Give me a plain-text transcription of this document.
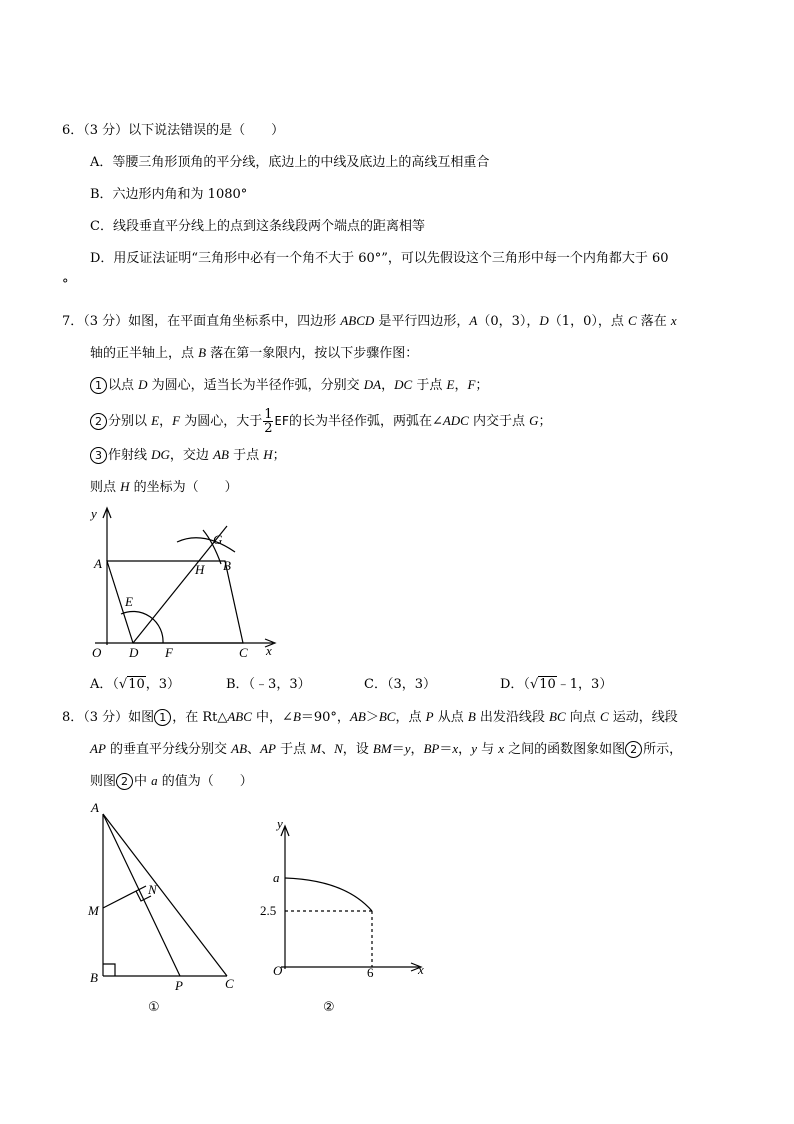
6．（3 分）以下说法错误的是（　　）
A．等腰三角形顶角的平分线，底边上的中线及底边上的高线互相重合
B．六边形内角和为 1080°
C．线段垂直平分线上的点到这条线段两个端点的距离相等
D．用反证法证明“三角形中必有一个角不大于 60°”，可以先假设这个三角形中每一个内角都大于 60
°
7．（3 分）如图，在平面直角坐标系中，四边形 ABCD 是平行四边形，A（0，3），D（1，0），点 C 落在 x
轴的正半轴上，点 B 落在第一象限内，按以下步骤作图：
1 以点 D 为圆心，适当长为半径作弧，分别交 DA，DC 于点 E，F；
2 分别以 E，F 为圆心，大于 $\frac{1}{2}$ EF的长为半径作弧，两弧在∠ADC 内交于点 G；
3 作射线 DG，交边 AB 于点 H；
则点 H 的坐标为（　　）
y
A
O D F	C x
E
H B
G
A．（√10，3）	B．（﹣3，3）	C．（3，3）	D．（√10﹣1，3）
8．（3 分）如图 1 ，在 Rt△ABC 中，∠B＝90°，AB＞BC，点 P 从点 B 出发沿线段 BC 向点 C 运动，线段
AP 的垂直平分线分别交 AB、AP 于点 M、N，设 BM＝y，BP＝x，y 与 x 之间的函数图象如图 2 所示，
则图 2 中 a 的值为（　　）
A
M
N
B
P	C
①
y
a
2.5
O	6	x
②
